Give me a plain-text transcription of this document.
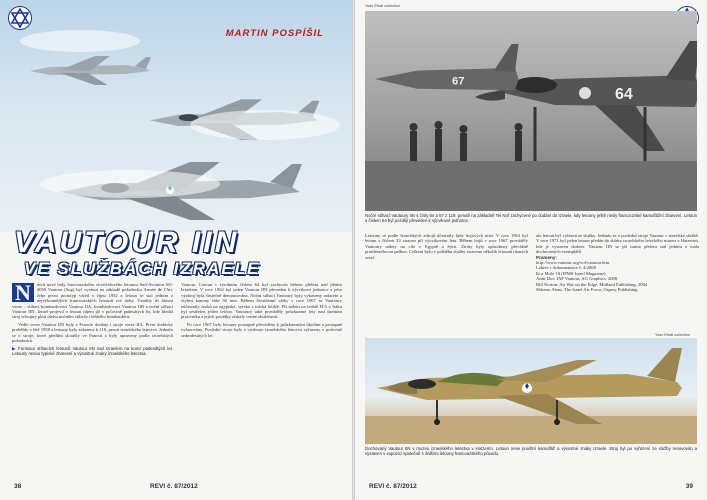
MARTIN POSPÍŠIL
VAUTOUR IIN
VE SLUŽBÁCH IZRAELE
N	ávrh nové řady francouzského víceúčelového letounu Sud-Aviation SO-4050 Vautour (Sup) byl vyvinut na základě požadavku Armée de l'Air. Jeho první prototyp vzlétl v říjnu 1952 a letoun se stal jedním z nejvýkonnějších francouzských letounů své doby. Vznikly tři hlavní verze – stíhací bombardovací Vautour IIA, bombardovací Vautour IIB a noční stíhací Vautour IIN. Izrael projevil o letoun zájem již v polovině padesátých let, kdy hledal stroj schopný plnit úlohu nočního stíhače i lehkého bombardéru.

Vedle verze Vautour IIN byly z Francie dodány i stroje verze IIA. První dodávky proběhly v létě 1958 a letouny byly zařazeny k 110. peruti izraelského letectva. Jednalo se o stroje, které předtím sloužily ve Francii a byly upraveny podle izraelských požadavků.

▶ Formace stíhacích letounů Vautour IIN nad Izraelem na konci padesátých let. Letouny nesou typické zbarvení a výsostné znaky izraelského letectva.
Vautour. Letoun s výrobním číslem 64 byl zachycen během přeletu nad jižním Izraelem. V roce 1962 byl jeden Vautour IIN převeden k výcvikové jednotce a jeho výzbroj byla částečně demontována. Noční stíhací Vautoury byly vybaveny radarem a čtyřmi kanony ráže 30 mm. Během Šestidenní války v roce 1967 se Vautoury zúčastnily útoků na egyptská, syrská a irácká letiště. Při náletu na letiště H-3 v Iráku byl sestřelen jeden letoun. Vautoury také prováděly průzkumné lety nad územím protivníka a jejich posádky získaly cenné zkušenosti.

Po roce 1967 byly letouny postupně převáděny k průzkumným úkolům a postupně vyřazovány. Poslední stroje byly z výzbroje izraelského letectva vyřazeny v polovině sedmdesátých let.

38	REVI č. 87/2012
Yoav Efrati collection
64
67
Noční stíhací Vautoury IIN s čísly 64 a 67 z 119. perutě na základně Tel Nof zachycené po dodání do Izraele, kdy letouny ještě nesly francouzské kamuflážní zbarvení. Letoun s číslem 64 byl později převeden k výcvikové jednotce.
Letouny se podle Izraelských zdrojů účastnily řady bojových misí. V roce 1963 byl letoun s číslem 33 ztracen při výcvikovém letu. Během bojů v roce 1967 prováděly Vautoury nálety na cíle v Egyptě a Sýrii. Ztráty byly způsobeny převážně protiletadlovou palbou. Celkem bylo v průběhu služby ztraceno několik letounů různých verzí.
ale letoun byl vyřazen ze služby. Jednalo se o poslední stroje Vautour v izraelské službě. V roce 1971 byl jeden letoun předán do sbírky izraelského leteckého muzea v Hatzerim, kde je vystaven dodnes. Vautour IIN se při tomto přeletu stal jedním z mála dochovaných exemplářů.
Prameny:
http://www.vautour.org/vol/vautour.htm
Lehrer + dokumentace č. 4/2008
Kos Mole 18 (IPMS Israel Magazine)
Amir Dor: IAF Vautour, AG Graphics, 2008
Bill Norton: Air War on the Edge, Midland Publishing, 2004
Shlomo Aloni: The Israel Air Force, Osprey Publishing
Yoav Efrati collection
Dochovaný Vautour IIN v muzeu izraelského letectva v Hatzerim. Letoun nese pouštní kamufláž a výsostné znaky Izraele. Stroj byl po vyřazení ze služby renovován a vystaven v expozici společně s dalšími letouny francouzského původu.
REVI č. 87/2012	39
